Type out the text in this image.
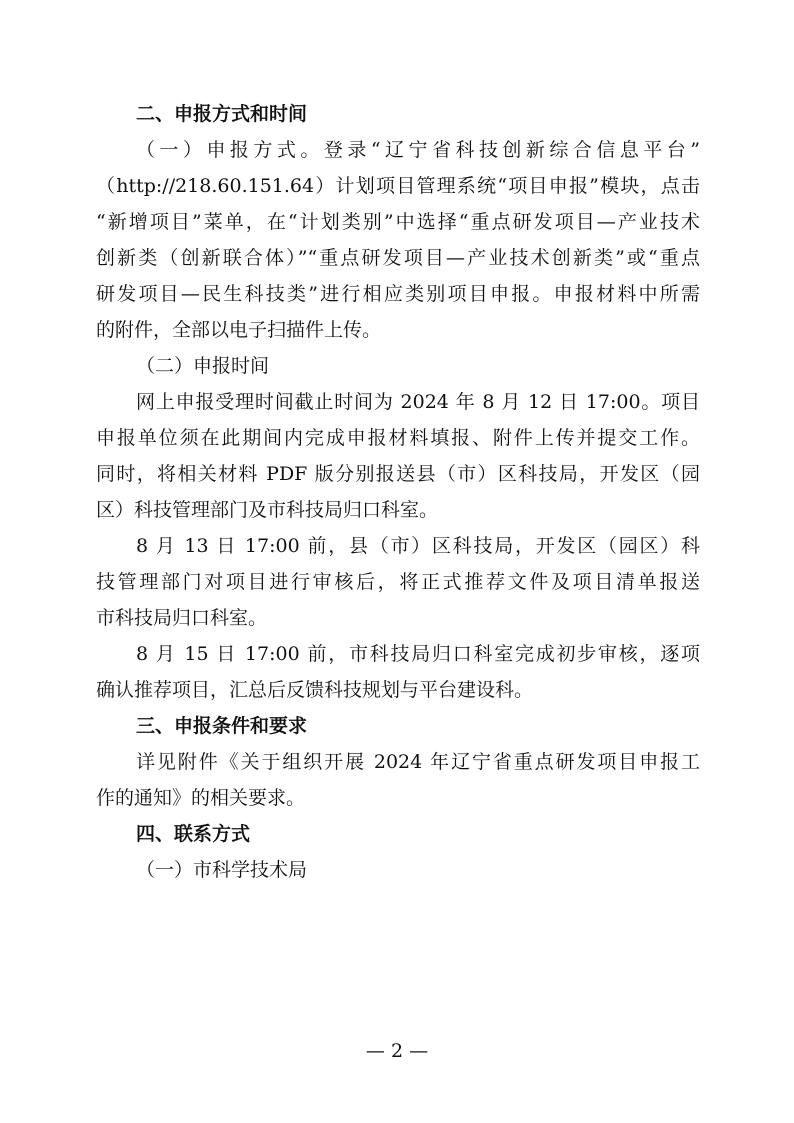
二、申报方式和时间
（一）申报方式。登录“辽宁省科技创新综合信息平台”
（http://218.60.151.64）计划项目管理系统“项目申报”模块，点击
“新增项目”菜单，在“计划类别”中选择“重点研发项目—产业技术
创新类（创新联合体）”“重点研发项目—产业技术创新类”或“重点
研发项目—民生科技类”进行相应类别项目申报。申报材料中所需
的附件，全部以电子扫描件上传。
（二）申报时间
网上申报受理时间截止时间为 2024 年 8 月 12 日 17:00。项目
申报单位须在此期间内完成申报材料填报、附件上传并提交工作。
同时，将相关材料 PDF 版分别报送县（市）区科技局，开发区（园
区）科技管理部门及市科技局归口科室。
8 月 13 日 17:00 前，县（市）区科技局，开发区（园区）科
技管理部门对项目进行审核后，将正式推荐文件及项目清单报送
市科技局归口科室。
8 月 15 日 17:00 前，市科技局归口科室完成初步审核，逐项
确认推荐项目，汇总后反馈科技规划与平台建设科。
三、申报条件和要求
详见附件《关于组织开展 2024 年辽宁省重点研发项目申报工
作的通知》的相关要求。
四、联系方式
（一）市科学技术局
— 2 —
